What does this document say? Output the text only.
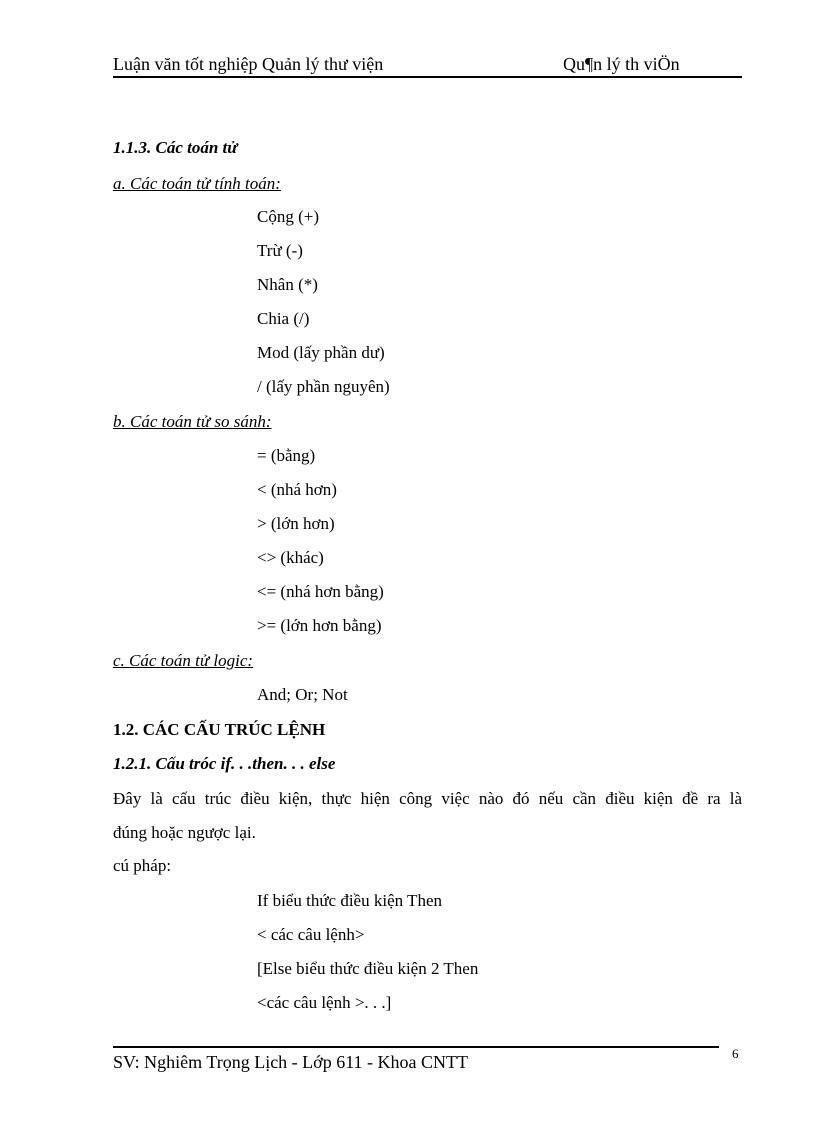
Luận văn tốt nghiệp Quản lý thư viện	Qu¶n lý th viÖn
1.1.3. Các toán tử
a. Các toán tử tính toán:
Cộng (+)
Trừ (-)
Nhân (*)
Chia (/)
Mod (lấy phần dư)
/ (lấy phần nguyên)
b. Các toán tử so sánh:
= (bằng)
< (nhá hơn)
> (lớn hơn)
<> (khác)
<= (nhá hơn bằng)
>= (lớn hơn bằng)
c. Các toán tử logic:
And; Or; Not
1.2. CÁC CẤU TRÚC LỆNH
1.2.1. Cấu tróc if. . .then. . . else
Đây là cấu trúc điều kiện, thực hiện công việc nào đó nếu cần điều kiện đề ra là
đúng hoặc ngược lại.
cú pháp:
If biểu thức điều kiện Then
< các câu lệnh>
[Else biểu thức điều kiện 2 Then
<các câu lệnh >. . .]
SV: Nghiêm Trọng Lịch - Lớp 611 - Khoa CNTT	6
